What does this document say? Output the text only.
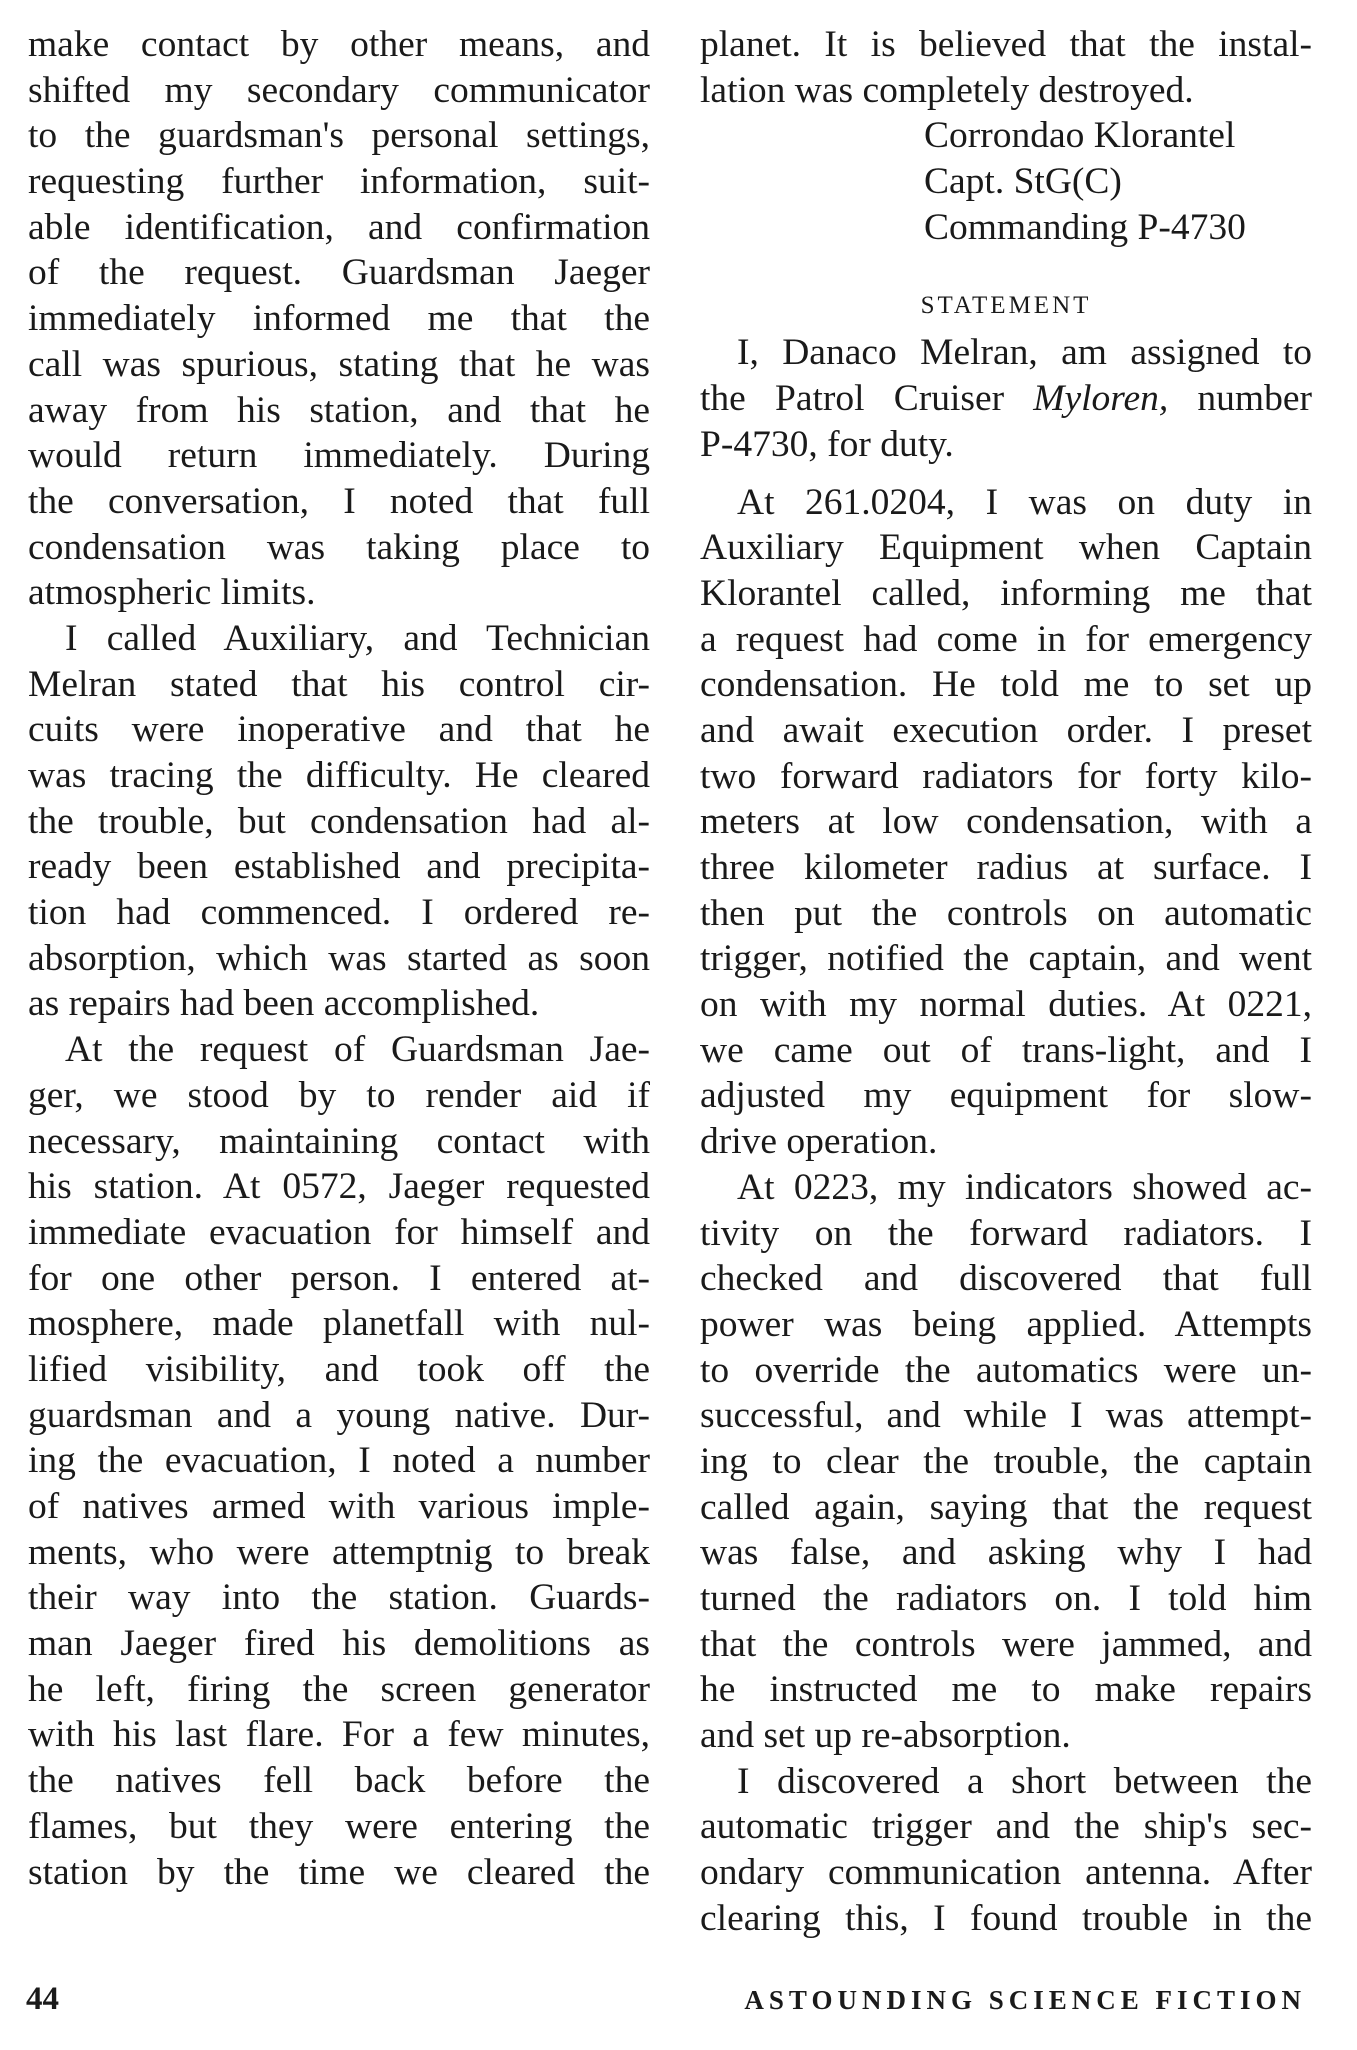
make contact by other means, and
shifted my secondary communicator
to the guardsman's personal settings,
requesting further information, suit-
able identification, and confirmation
of the request. Guardsman Jaeger
immediately informed me that the
call was spurious, stating that he was
away from his station, and that he
would return immediately. During
the conversation, I noted that full
condensation was taking place to
atmospheric limits.
I called Auxiliary, and Technician
Melran stated that his control cir-
cuits were inoperative and that he
was tracing the difficulty. He cleared
the trouble, but condensation had al-
ready been established and precipita-
tion had commenced. I ordered re-
absorption, which was started as soon
as repairs had been accomplished.
At the request of Guardsman Jae-
ger, we stood by to render aid if
necessary, maintaining contact with
his station. At 0572, Jaeger requested
immediate evacuation for himself and
for one other person. I entered at-
mosphere, made planetfall with nul-
lified visibility, and took off the
guardsman and a young native. Dur-
ing the evacuation, I noted a number
of natives armed with various imple-
ments, who were attemptnig to break
their way into the station. Guards-
man Jaeger fired his demolitions as
he left, firing the screen generator
with his last flare. For a few minutes,
the natives fell back before the
flames, but they were entering the
station by the time we cleared the
planet. It is believed that the instal-
lation was completely destroyed.
Corrondao Klorantel
Capt. StG(C)
Commanding P-4730
STATEMENT
I, Danaco Melran, am assigned to
the Patrol Cruiser Myloren, number
P-4730, for duty.
At 261.0204, I was on duty in
Auxiliary Equipment when Captain
Klorantel called, informing me that
a request had come in for emergency
condensation. He told me to set up
and await execution order. I preset
two forward radiators for forty kilo-
meters at low condensation, with a
three kilometer radius at surface. I
then put the controls on automatic
trigger, notified the captain, and went
on with my normal duties. At 0221,
we came out of trans-light, and I
adjusted my equipment for slow-
drive operation.
At 0223, my indicators showed ac-
tivity on the forward radiators. I
checked and discovered that full
power was being applied. Attempts
to override the automatics were un-
successful, and while I was attempt-
ing to clear the trouble, the captain
called again, saying that the request
was false, and asking why I had
turned the radiators on. I told him
that the controls were jammed, and
he instructed me to make repairs
and set up re-absorption.
I discovered a short between the
automatic trigger and the ship's sec-
ondary communication antenna. After
clearing this, I found trouble in the
44	ASTOUNDING SCIENCE FICTION
